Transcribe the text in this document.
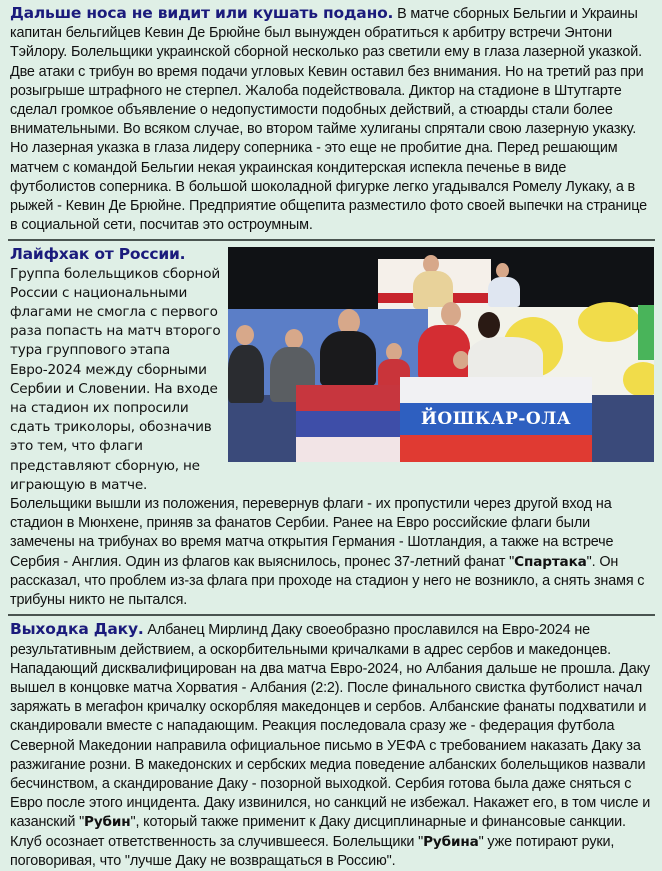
Дальше носа не видит или кушать подано. В матче сборных Бельгии и Украины капитан бельгийцев Кевин Де Брюйне был вынужден обратиться к арбитру встречи Энтони Тэйлору. Болельщики украинской сборной несколько раз светили ему в глаза лазерной указкой. Две атаки с трибун во время подачи угловых Кевин оставил без внимания. Но на третий раз при розыгрыше штрафного не стерпел. Жалоба подействовала. Диктор на стадионе в Штутгарте сделал громкое объявление о недопустимости подобных действий, а стюарды стали более внимательными. Во всяком случае, во втором тайме хулиганы спрятали свою лазерную указку. Но лазерная указка в глаза лидеру соперника - это еще не пробитие дна. Перед решающим матчем с командой Бельгии некая украинская кондитерская испекла печенье в виде футболистов соперника. В большой шоколадной фигурке легко угадывался Ромелу Лукаку, а в рыжей - Кевин Де Брюйне. Предприятие общепита разместило фото своей выпечки на странице в социальной сети, посчитав это остроумным.
Лайфхак от России.
Группа болельщиков сборной России с национальными флагами не смогла с первого раза попасть на матч второго тура группового этапа Евро-2024 между сборными Сербии и Словении. На входе на стадион их попросили сдать триколоры, обозначив это тем, что флаги представляют сборную, не играющую в матче.
ЙОШКАР-ОЛА
Болельщики вышли из положения, перевернув флаги - их пропустили через другой вход на стадион в Мюнхене, приняв за фанатов Сербии. Ранее на Евро российские флаги были замечены на трибунах во время матча открытия Германия - Шотландия, а также на встрече Сербия - Англия. Один из флагов как выяснилось, пронес 37-летний фанат "Спартака". Он рассказал, что проблем из-за флага при проходе на стадион у него не возникло, а снять знамя с трибуны никто не пытался.
Выходка Даку. Албанец Мирлинд Даку своеобразно прославился на Евро-2024 не результативным действием, а оскорбительными кричалками в адрес сербов и македонцев. Нападающий дисквалифицирован на два матча Евро-2024, но Албания дальше не прошла. Даку вышел в концовке матча Хорватия - Албания (2:2). После финального свистка футболист начал заряжать в мегафон кричалку оскорбляя македонцев и сербов. Албанские фанаты подхватили и скандировали вместе с нападающим. Реакция последовала сразу же - федерация футбола Северной Македонии направила официальное письмо в УЕФА с требованием наказать Даку за разжигание розни. В македонских и сербских медиа поведение албанских болельщиков назвали бесчинством, а скандирование Даку - позорной выходкой. Сербия готова была даже сняться с Евро после этого инцидента. Даку извинился, но санкций не избежал. Накажет его, в том числе и казанский "Рубин", который также применит к Даку дисциплинарные и финансовые санкции. Клуб осознает ответственность за случившееся. Болельщики "Рубина" уже потирают руки, поговоривая, что "лучше Даку не возвращаться в Россию".
